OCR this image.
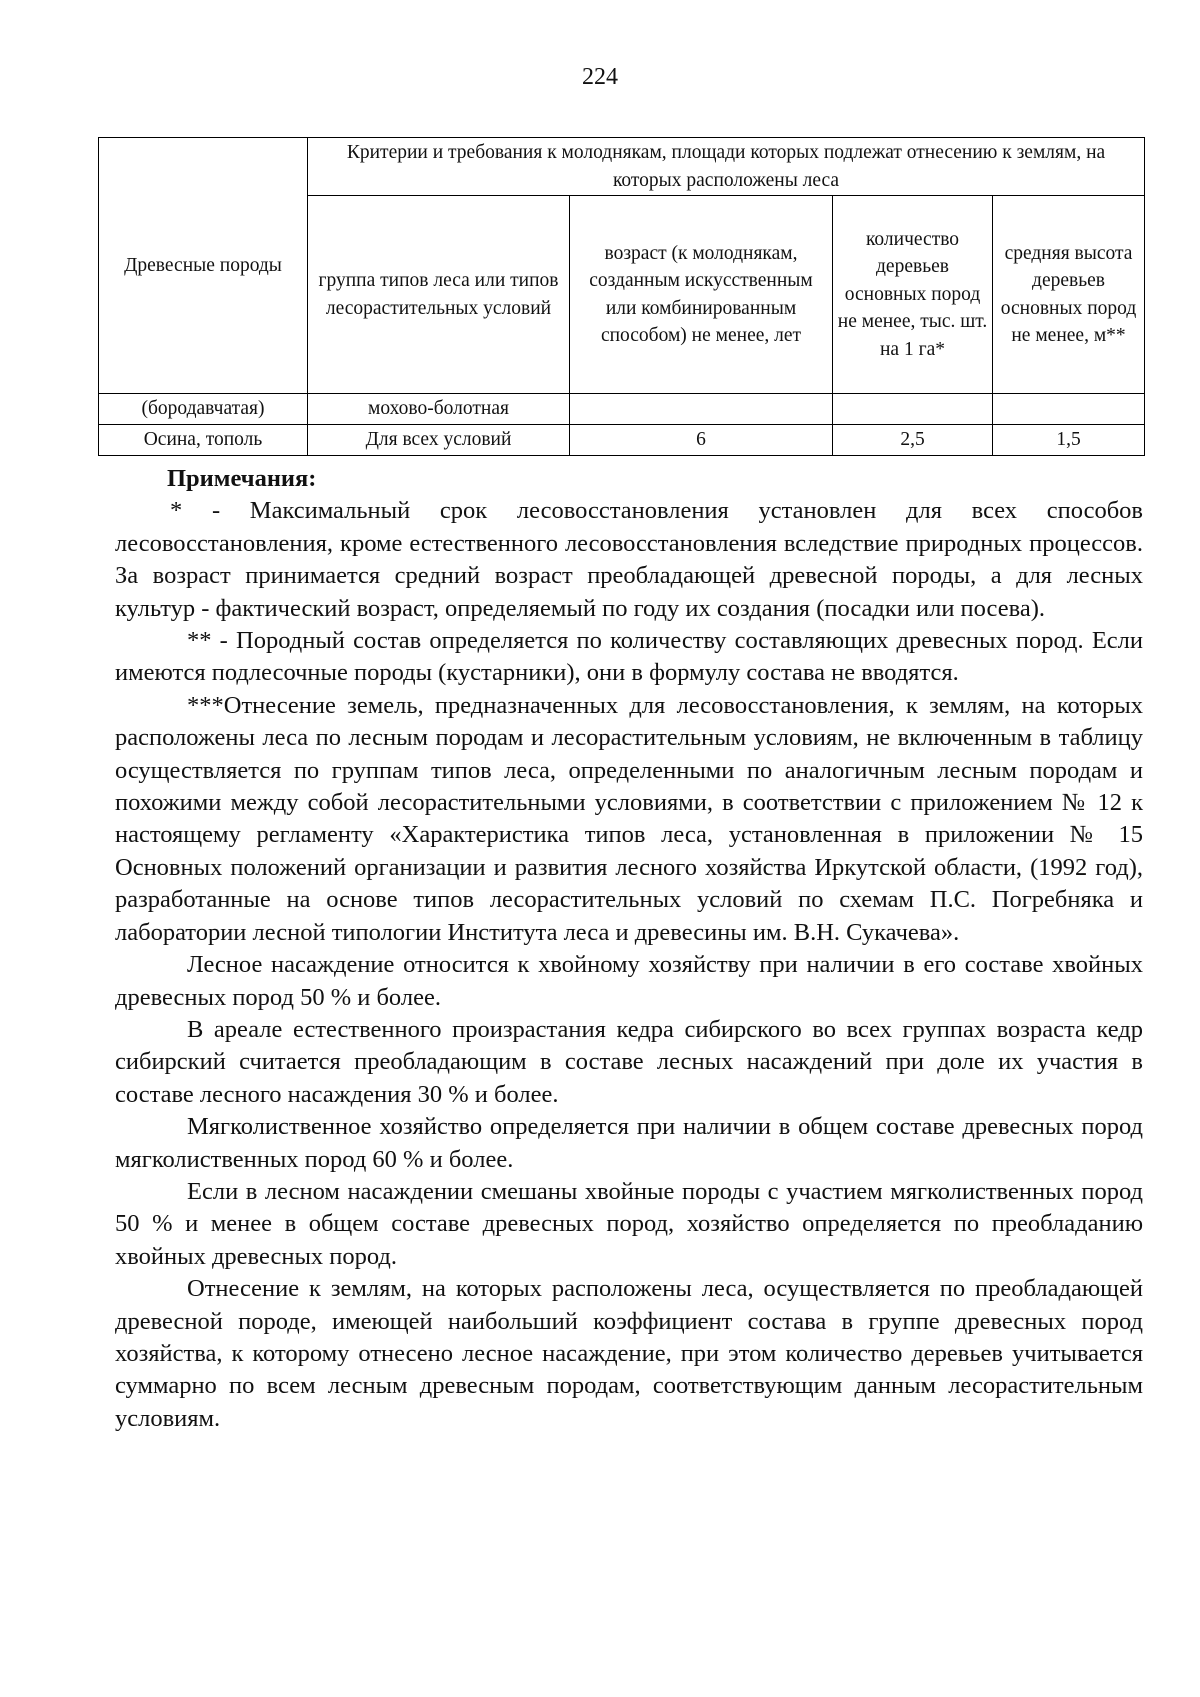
224
Древесные породы	Критерии и требования к молоднякам, площади которых подлежат отнесению к землям, на которых расположены леса			
	группа типов леса или типов лесорастительных условий	возраст (к молоднякам, созданным искусственным или комбинированным способом) не менее, лет	количество деревьев основных пород не менее, тыс. шт. на 1 га*	средняя высота деревьев основных пород не менее, м**
(бородавчатая)	мохово-болотная			
Осина, тополь	Для всех условий	6	2,5	1,5

Примечания:

* - Максимальный срок лесовосстановления установлен для всех способов лесовосстановления, кроме естественного лесовосстановления вследствие природных процессов. За возраст принимается средний возраст преобладающей древесной породы, а для лесных культур - фактический возраст, определяемый по году их создания (посадки или посева).

** - Породный состав определяется по количеству составляющих древесных пород. Если имеются подлесочные породы (кустарники), они в формулу состава не вводятся.

***Отнесение земель, предназначенных для лесовосстановления, к землям, на которых расположены леса по лесным породам и лесорастительным условиям, не включенным в таблицу осуществляется по группам типов леса, определенными по аналогичным лесным породам и похожими между собой лесорастительными условиями, в соответствии с приложением № 12 к настоящему регламенту «Характеристика типов леса, установленная в приложении № 15 Основных положений организации и развития лесного хозяйства Иркутской области, (1992 год), разработанные на основе типов лесорастительных условий по схемам П.С. Погребняка и лаборатории лесной типологии Института леса и древесины им. В.Н. Сукачева».

Лесное насаждение относится к хвойному хозяйству при наличии в его составе хвойных древесных пород 50 % и более.

В ареале естественного произрастания кедра сибирского во всех группах возраста кедр сибирский считается преобладающим в составе лесных насаждений при доле их участия в составе лесного насаждения 30 % и более.

Мягколиственное хозяйство определяется при наличии в общем составе древесных пород мягколиственных пород 60 % и более.

Если в лесном насаждении смешаны хвойные породы с участием мягколиственных пород 50 % и менее в общем составе древесных пород, хозяйство определяется по преобладанию хвойных древесных пород.

Отнесение к землям, на которых расположены леса, осуществляется по преобладающей древесной породе, имеющей наибольший коэффициент состава в группе древесных пород хозяйства, к которому отнесено лесное насаждение, при этом количество деревьев учитывается суммарно по всем лесным древесным породам, соответствующим данным лесорастительным условиям.
